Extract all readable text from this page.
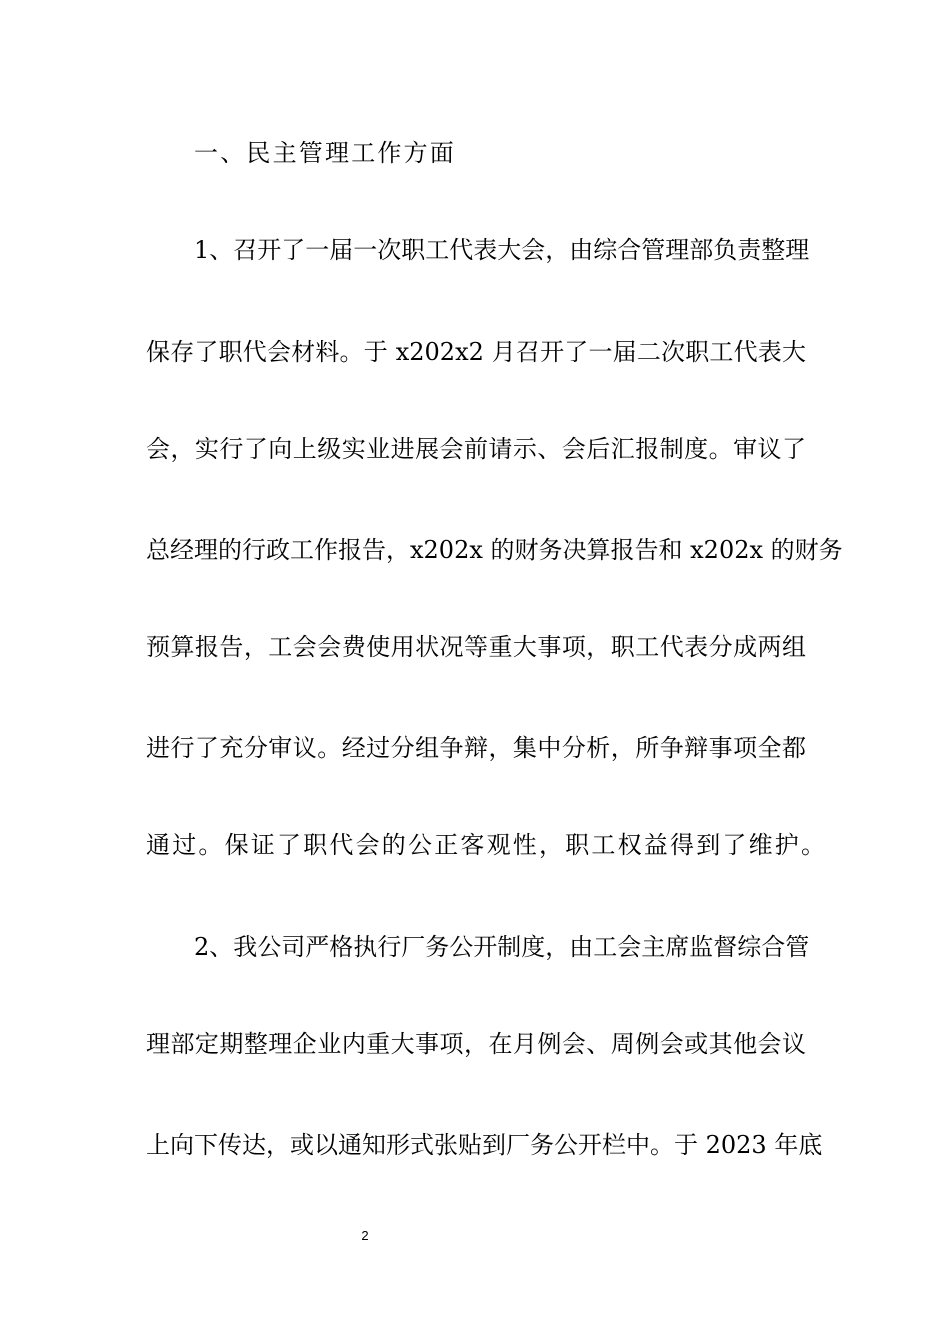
一、民主管理工作方面
1、召开了一届一次职工代表大会，由综合管理部负责整理
保存了职代会材料。于 x202x2 月召开了一届二次职工代表大
会，实行了向上级实业进展会前请示、会后汇报制度。审议了
总经理的行政工作报告，x202x 的财务决算报告和 x202x 的财务
预算报告，工会会费使用状况等重大事项，职工代表分成两组
进行了充分审议。经过分组争辩，集中分析，所争辩事项全都
通过。保证了职代会的公正客观性，职工权益得到了维护。
2、我公司严格执行厂务公开制度，由工会主席监督综合管
理部定期整理企业内重大事项，在月例会、周例会或其他会议
上向下传达，或以通知形式张贴到厂务公开栏中。于 2023 年底
2
